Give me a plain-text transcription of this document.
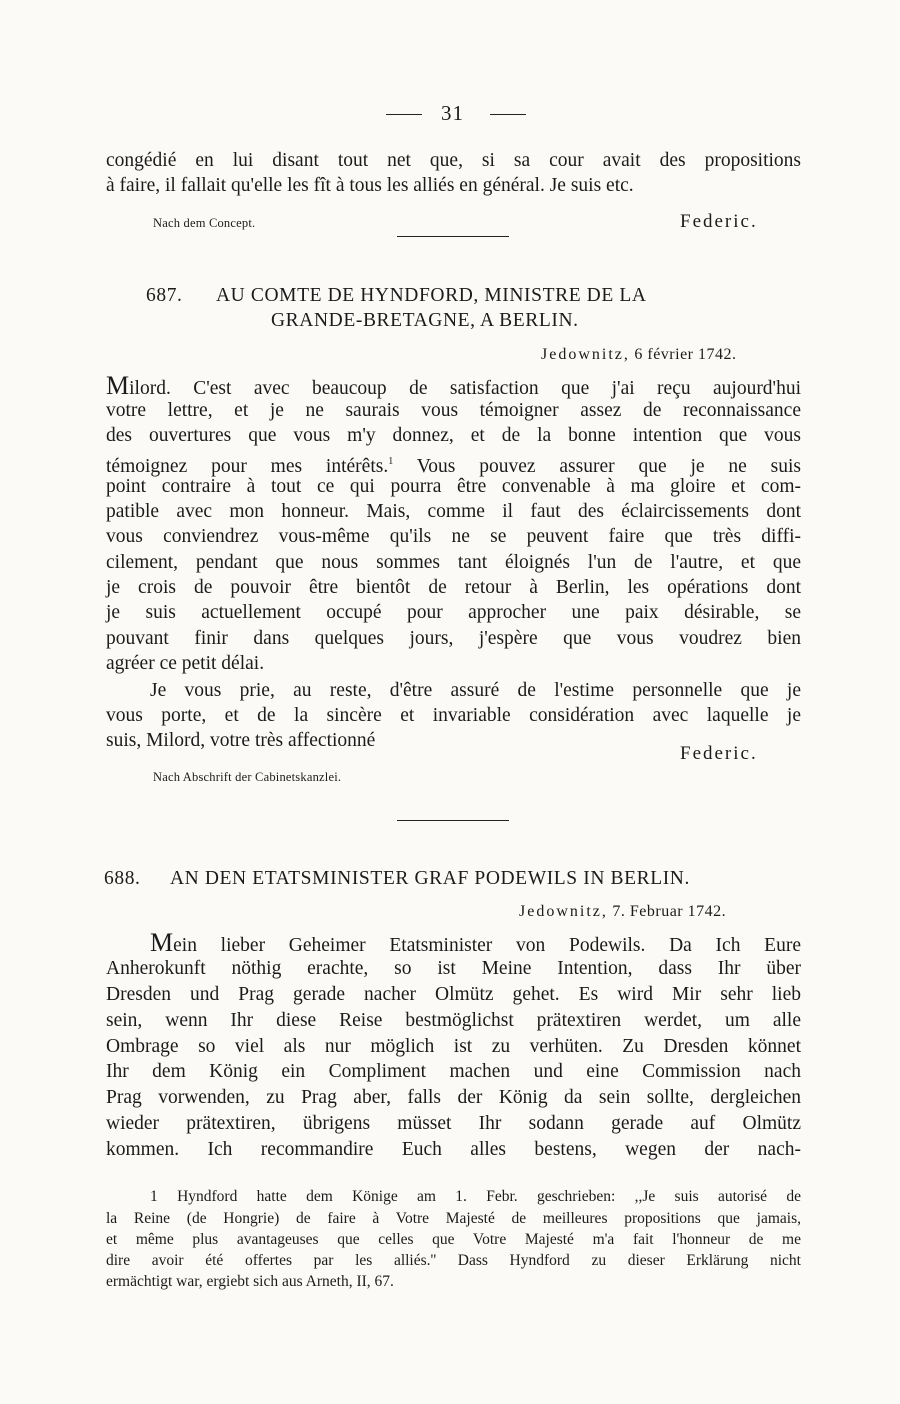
31
congédié en lui disant tout net que, si sa cour avait des propositions
à faire, il fallait qu'elle les fît à tous les alliés en général. Je suis etc.
Nach dem Concept.	Federic.
687. AU COMTE DE HYNDFORD, MINISTRE DE LA
GRANDE-BRETAGNE, A BERLIN.
Jedownitz, 6 février 1742.
Milord. C'est avec beaucoup de satisfaction que j'ai reçu aujourd'hui
votre lettre, et je ne saurais vous témoigner assez de reconnaissance
des ouvertures que vous m'y donnez, et de la bonne intention que vous
témoignez pour mes intérêts.$^1$ Vous pouvez assurer que je ne suis
point contraire à tout ce qui pourra être convenable à ma gloire et com-
patible avec mon honneur. Mais, comme il faut des éclaircissements dont
vous conviendrez vous-même qu'ils ne se peuvent faire que très diffi-
cilement, pendant que nous sommes tant éloignés l'un de l'autre, et que
je crois de pouvoir être bientôt de retour à Berlin, les opérations dont
je suis actuellement occupé pour approcher une paix désirable, se
pouvant finir dans quelques jours, j'espère que vous voudrez bien
agréer ce petit délai.
Je vous prie, au reste, d'être assuré de l'estime personnelle que je
vous porte, et de la sincère et invariable considération avec laquelle je
suis, Milord, votre très affectionné
Federic.
Nach Abschrift der Cabinetskanzlei.
688. AN DEN ETATSMINISTER GRAF PODEWILS IN BERLIN.
Jedownitz, 7. Februar 1742.
Mein lieber Geheimer Etatsminister von Podewils. Da Ich Eure
Anherokunft nöthig erachte, so ist Meine Intention, dass Ihr über
Dresden und Prag gerade nacher Olmütz gehet. Es wird Mir sehr lieb
sein, wenn Ihr diese Reise bestmöglichst prätextiren werdet, um alle
Ombrage so viel als nur möglich ist zu verhüten. Zu Dresden könnet
Ihr dem König ein Compliment machen und eine Commission nach
Prag vorwenden, zu Prag aber, falls der König da sein sollte, dergleichen
wieder prätextiren, übrigens müsset Ihr sodann gerade auf Olmütz
kommen. Ich recommandire Euch alles bestens, wegen der nach-
1 Hyndford hatte dem Könige am 1. Febr. geschrieben: ,,Je suis autorisé de
la Reine (de Hongrie) de faire à Votre Majesté de meilleures propositions que jamais,
et même plus avantageuses que celles que Votre Majesté m'a fait l'honneur de me
dire avoir été offertes par les alliés.'' Dass Hyndford zu dieser Erklärung nicht
ermächtigt war, ergiebt sich aus Arneth, II, 67.
